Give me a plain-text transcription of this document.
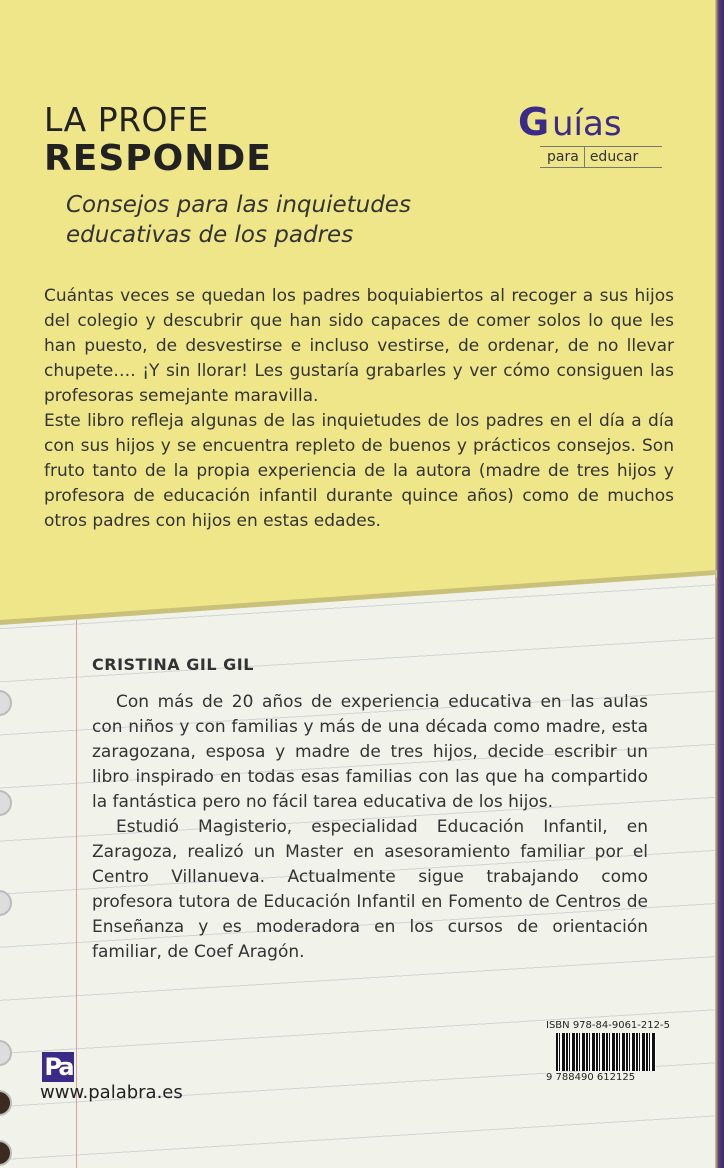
LA PROFE
RESPONDE
Consejos para las inquietudes educativas de los padres
G uías
para educar

Cuántas veces se quedan los padres boquiabiertos al recoger a sus hijos del colegio y descubrir que han sido capaces de comer solos lo que les han puesto, de desvestirse e incluso vestirse, de ordenar, de no llevar chupete…. ¡Y sin llorar! Les gustaría grabarles y ver cómo consiguen las profesoras semejante maravilla.

Este libro refleja algunas de las inquietudes de los padres en el día a día con sus hijos y se encuentra repleto de buenos y prácticos consejos. Son fruto tanto de la propia experiencia de la autora (madre de tres hijos y profesora de educación infantil durante quince años) como de muchos otros padres con hijos en estas edades.

CRISTINA GIL GIL

Con más de 20 años de experiencia educativa en las aulas con niños y con familias y más de una década como madre, esta zaragozana, esposa y madre de tres hijos, decide escribir un libro inspirado en todas esas familias con las que ha compartido la fantástica pero no fácil tarea educativa de los hijos.

Estudió Magisterio, especialidad Educación Infantil, en Zaragoza, realizó un Master en asesoramiento familiar por el Centro Villanueva. Actualmente sigue trabajando como profesora tutora de Educación Infantil en Fomento de Centros de Enseñanza y es moderadora en los cursos de orientación familiar, de Coef Aragón.

ISBN 978-84-9061-212-5
9 788490 612125
Pa
www.palabra.es
